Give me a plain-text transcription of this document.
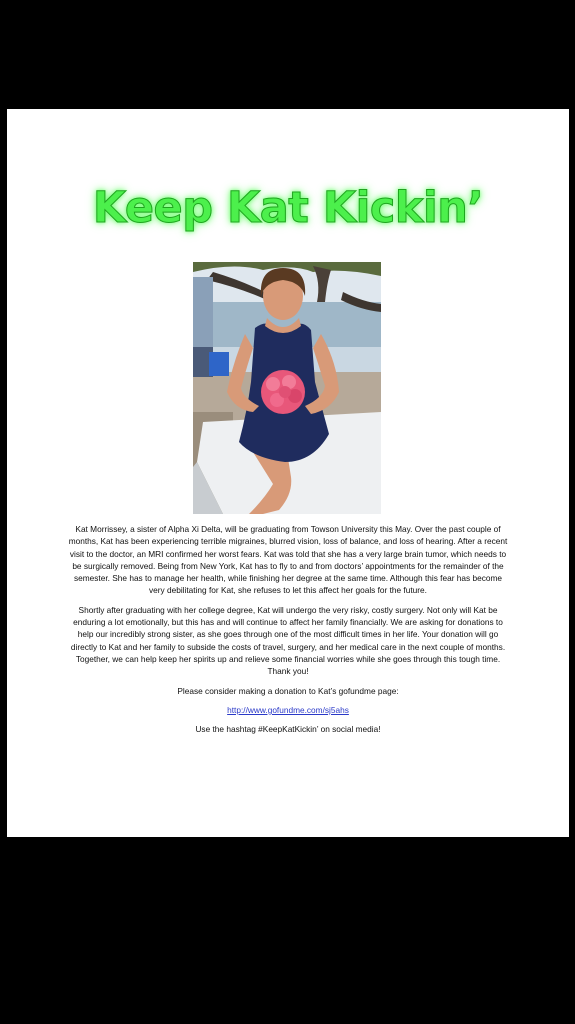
Keep Kat Kickin’

Kat Morrissey, a sister of Alpha Xi Delta, will be graduating from Towson University this May. Over the past couple of months, Kat has been experiencing terrible migraines, blurred vision, loss of balance, and loss of hearing. After a recent visit to the doctor, an MRI confirmed her worst fears. Kat was told that she has a very large brain tumor, which needs to be surgically removed. Being from New York, Kat has to fly to and from doctors’ appointments for the remainder of the semester. She has to manage her health, while finishing her degree at the same time. Although this fear has become very debilitating for Kat, she refuses to let this affect her goals for the future.

Shortly after graduating with her college degree, Kat will undergo the very risky, costly surgery. Not only will Kat be enduring a lot emotionally, but this has and will continue to affect her family financially. We are asking for donations to help our incredibly strong sister, as she goes through one of the most difficult times in her life. Your donation will go directly to Kat and her family to subside the costs of travel, surgery, and her medical care in the next couple of months. Together, we can help keep her spirits up and relieve some financial worries while she goes through this tough time. Thank you!

Please consider making a donation to Kat’s gofundme page:

http://www.gofundme.com/sj5ahs

Use the hashtag #KeepKatKickin’ on social media!
